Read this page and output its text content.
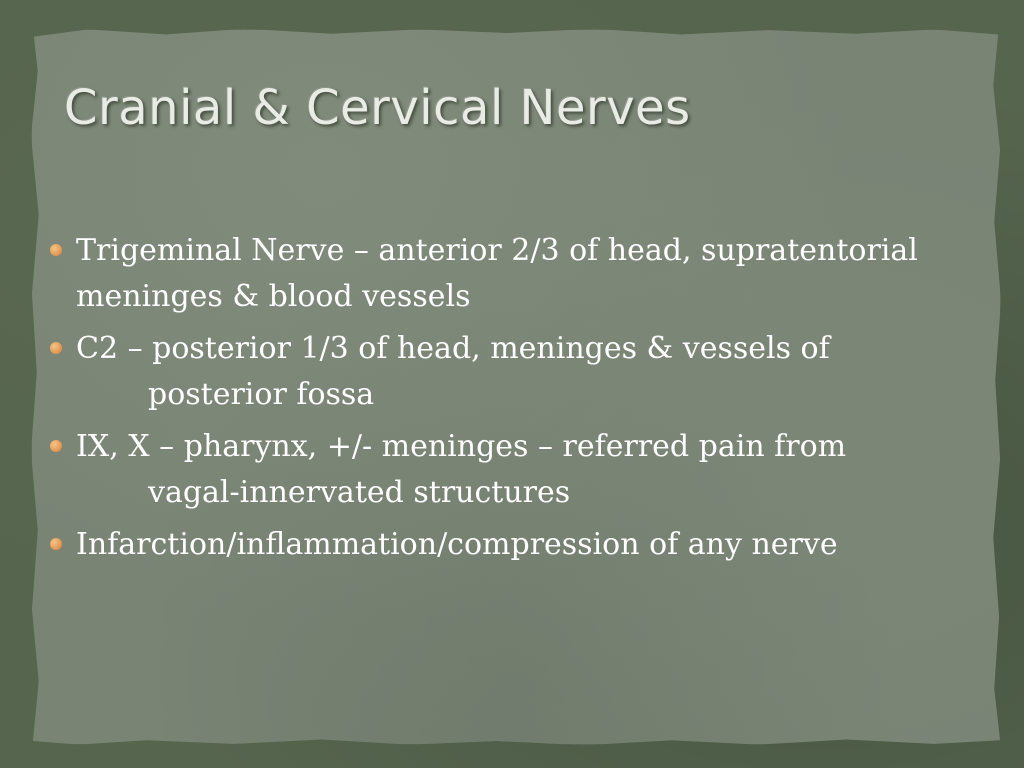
Cranial & Cervical Nerves
Trigeminal Nerve – anterior 2/3 of head, supratentorial
meninges & blood vessels
C2 – posterior 1/3 of head, meninges & vessels of
posterior fossa
IX, X – pharynx, +/- meninges – referred pain from
vagal-innervated structures
Infarction/inflammation/compression of any nerve
